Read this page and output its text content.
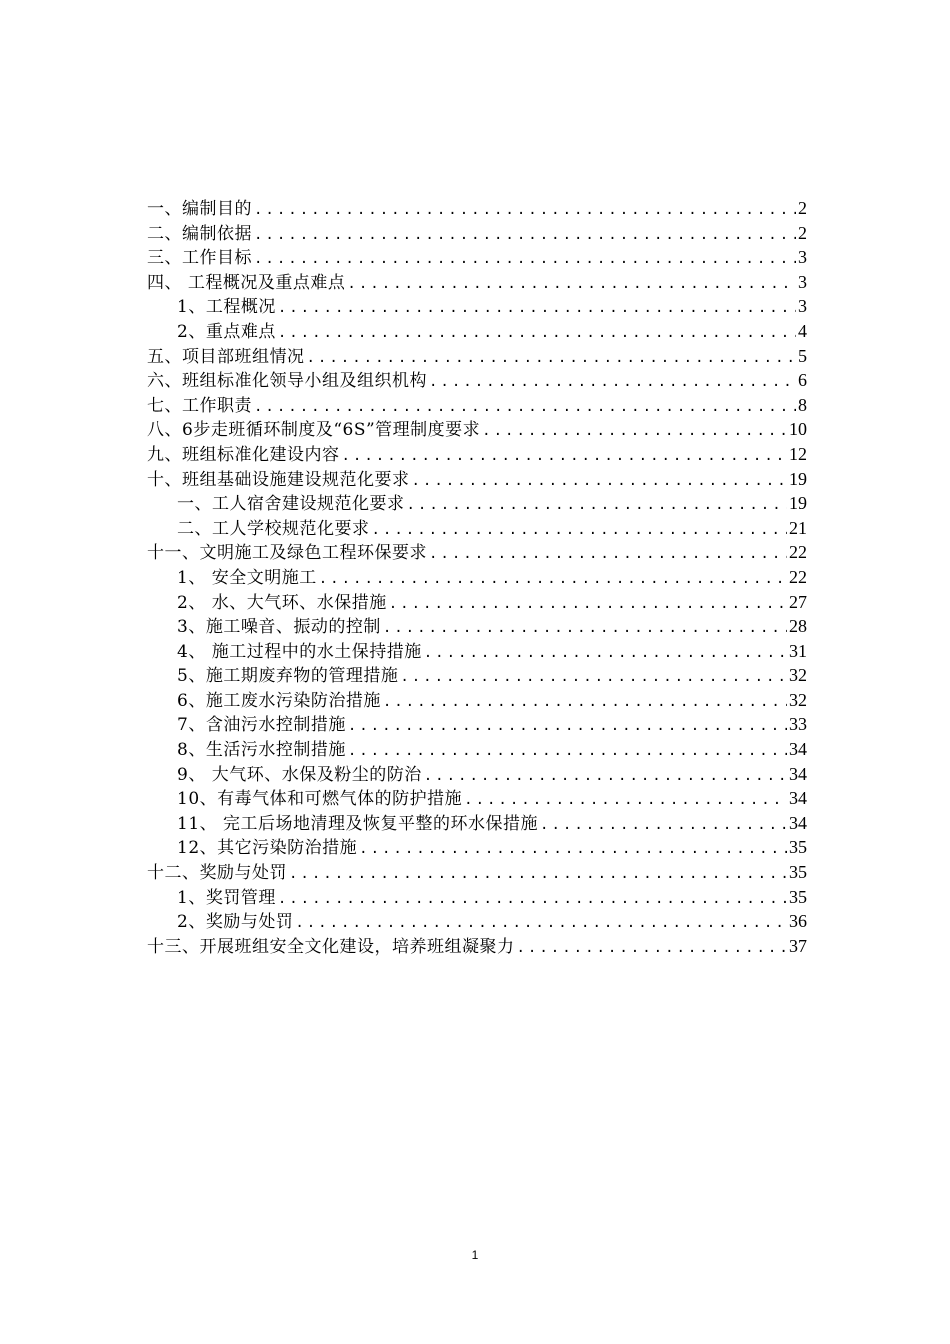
一、编制目的 .....	2
二、编制依据 .....	2
三、工作目标 .....	3
四、 工程概况及重点难点 .....	3
1、工程概况 .....	3
2、重点难点 .....	4
五、项目部班组情况 .....	5
六、班组标准化领导小组及组织机构 .....	6
七、工作职责 .....	8
八、6步走班循环制度及“6S”管理制度要求 .....	10
九、班组标准化建设内容 .....	12
十、班组基础设施建设规范化要求 .....	19
一、工人宿舍建设规范化要求 .....	19
二、工人学校规范化要求 .....	21
十一、文明施工及绿色工程环保要求 .....	22
1、 安全文明施工 .....	22
2、 水、大气环、水保措施 .....	27
3、施工噪音、振动的控制 .....	28
4、 施工过程中的水土保持措施 .....	31
5、施工期废弃物的管理措施 .....	32
6、施工废水污染防治措施 .....	32
7、含油污水控制措施 .....	33
8、生活污水控制措施 .....	34
9、 大气环、水保及粉尘的防治 .....	34
10、有毒气体和可燃气体的防护措施 .....	34
11、 完工后场地清理及恢复平整的环水保措施 .....	34
12、其它污染防治措施 .....	35
十二、奖励与处罚 .....	35
1、奖罚管理 .....	35
2、奖励与处罚 .....	36
十三、开展班组安全文化建设，培养班组凝聚力 .....	37
1
